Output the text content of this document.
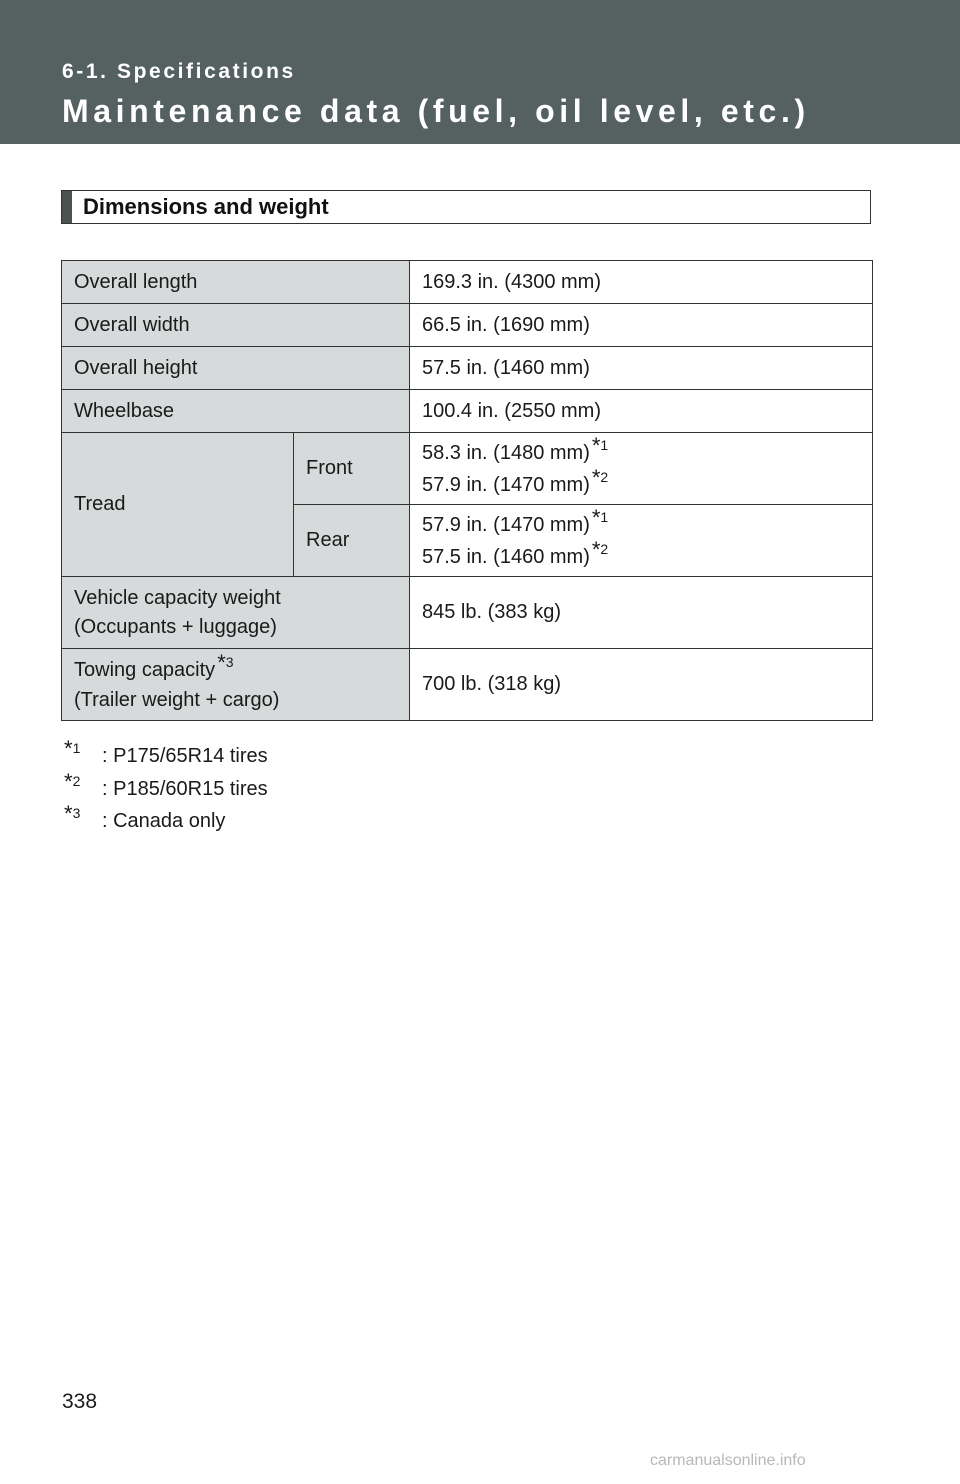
6-1. Specifications
Maintenance data (fuel, oil level, etc.)
Dimensions and weight
Overall length		169.3 in. (4300 mm)
Overall width		66.5 in. (1690 mm)
Overall height		57.5 in. (1460 mm)
Wheelbase		100.4 in. (2550 mm)
Tread	Front	58.3 in. (1480 mm)*$^1$
57.9 in. (1470 mm)*$^2$

	Rear	57.9 in. (1470 mm)*$^1$
57.5 in. (1460 mm)*$^2$

Vehicle capacity weight
(Occupants + luggage)		845 lb. (383 kg)

Towing capacity*$^3$
(Trailer weight + cargo)		700 lb. (318 kg)
*$^1$ : P175/65R14 tires
*$^2$ : P185/60R15 tires
*$^3$ : Canada only
338
carmanualsonline.info
